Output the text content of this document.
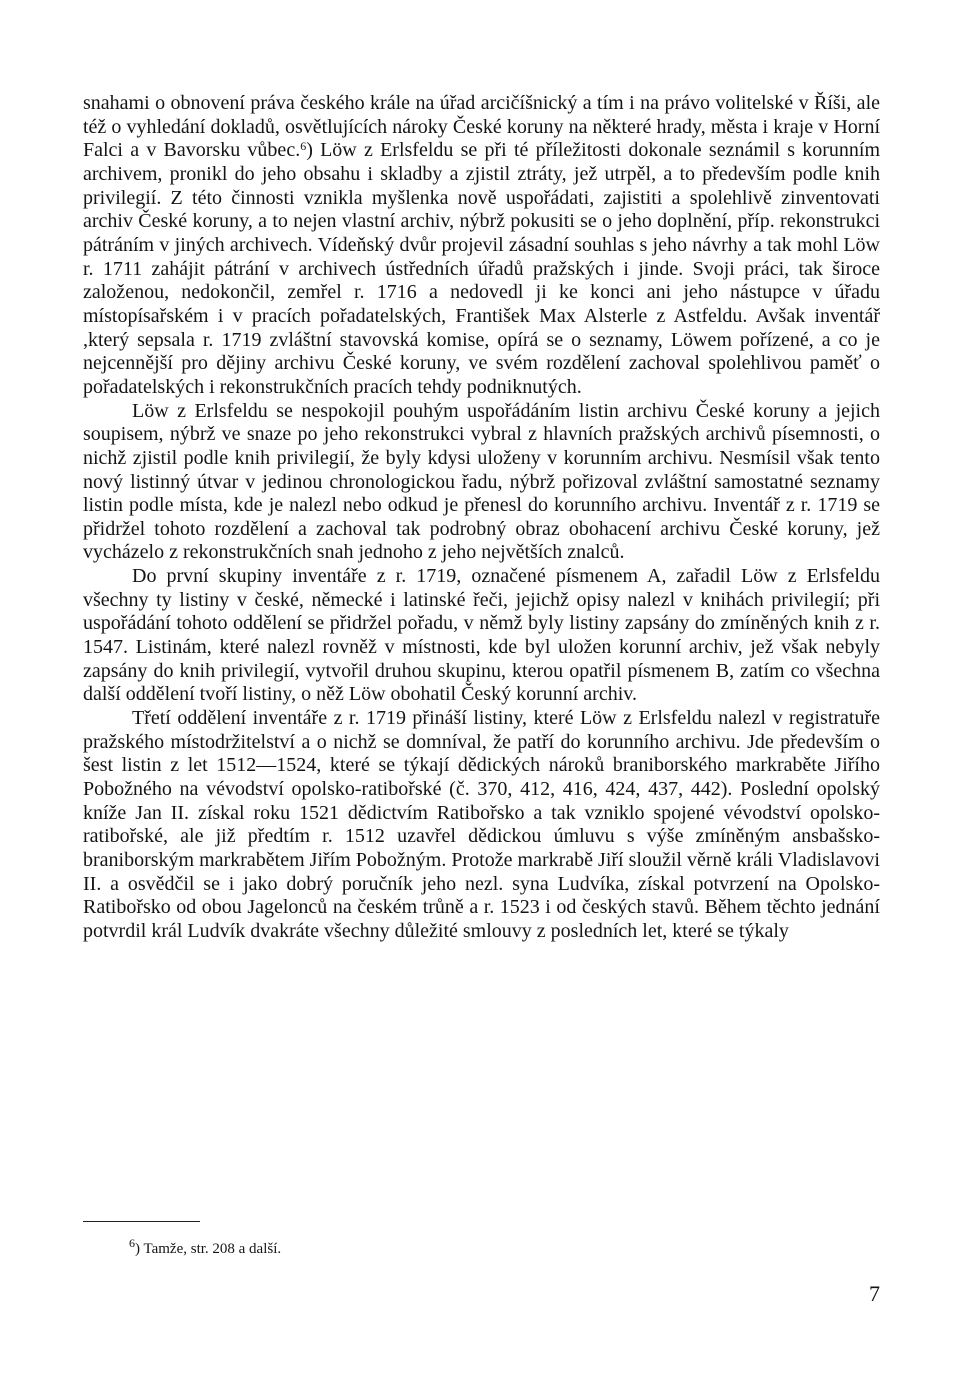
snahami o obnovení práva českého krále na úřad arcičíšnický a tím i na právo volitelské v Říši, ale též o vyhledání dokladů, osvětlujících nároky České koruny na některé hrady, města i kraje v Horní Falci a v Bavorsku vůbec.$^6$) Löw z Erlsfeldu se při té příležitosti dokonale seznámil s korunním archivem, pronikl do jeho obsahu i skladby a zjistil ztráty, jež utrpěl, a to především podle knih privilegií. Z této činnosti vznikla myšlenka nově uspořádati, zajistiti a spolehlivě zinventovati archiv České koruny, a to nejen vlastní archiv, nýbrž pokusiti se o jeho doplnění, příp. rekonstrukci pátráním v jiných archivech. Vídeňský dvůr projevil zásadní souhlas s jeho návrhy a tak mohl Löw r. 1711 zahájit pátrání v archivech ústředních úřadů pražských i jinde. Svoji práci, tak široce založenou, nedokončil, zemřel r. 1716 a nedovedl ji ke konci ani jeho nástupce v úřadu místopísařském i v pracích pořadatelských, František Max Alsterle z Astfeldu. Avšak inventář ,který sepsala r. 1719 zvláštní stavovská komise, opírá se o seznamy, Löwem pořízené, a co je nejcennější pro dějiny archivu České koruny, ve svém rozdělení zachoval spolehlivou paměť o pořadatelských i rekonstrukčních pracích tehdy podniknutých.

Löw z Erlsfeldu se nespokojil pouhým uspořádáním listin archivu České koruny a jejich soupisem, nýbrž ve snaze po jeho rekonstrukci vybral z hlavních pražských archivů písemnosti, o nichž zjistil podle knih privilegií, že byly kdysi uloženy v korunním archivu. Nesmísil však tento nový listinný útvar v jedinou chronologickou řadu, nýbrž pořizoval zvláštní samostatné seznamy listin podle místa, kde je nalezl nebo odkud je přenesl do korunního archivu. Inventář z r. 1719 se přidržel tohoto rozdělení a zachoval tak podrobný obraz obohacení archivu České koruny, jež vycházelo z rekonstrukčních snah jednoho z jeho největších znalců.

Do první skupiny inventáře z r. 1719, označené písmenem A, zařadil Löw z Erlsfeldu všechny ty listiny v české, německé i latinské řeči, jejichž opisy nalezl v knihách privilegií; při uspořádání tohoto oddělení se přidržel pořadu, v němž byly listiny zapsány do zmíněných knih z r. 1547. Listinám, které nalezl rovněž v místnosti, kde byl uložen korunní archiv, jež však nebyly zapsány do knih privilegií, vytvořil druhou skupinu, kterou opatřil písmenem B, zatím co všechna další oddělení tvoří listiny, o něž Löw obohatil Český korunní archiv.

Třetí oddělení inventáře z r. 1719 přináší listiny, které Löw z Erlsfeldu nalezl v registratuře pražského místodržitelství a o nichž se domníval, že patří do korunního archivu. Jde především o šest listin z let 1512—1524, které se týkají dědických nároků braniborského markraběte Jiřího Pobožného na vévodství opolsko-ratibořské (č. 370, 412, 416, 424, 437, 442). Poslední opolský kníže Jan II. získal roku 1521 dědictvím Ratibořsko a tak vzniklo spojené vévodství opolsko-ratibořské, ale již předtím r. 1512 uzavřel dědickou úmluvu s výše zmíněným ansbašsko-braniborským markrabětem Jiřím Pobožným. Protože markrabě Jiří sloužil věrně králi Vladislavovi II. a osvědčil se i jako dobrý poručník jeho nezl. syna Ludvíka, získal potvrzení na Opolsko-Ratibořsko od obou Jagelonců na českém trůně a r. 1523 i od českých stavů. Během těchto jednání potvrdil král Ludvík dvakráte všechny důležité smlouvy z posledních let, které se týkaly

$^6$) Tamže, str. 208 a další.
7
